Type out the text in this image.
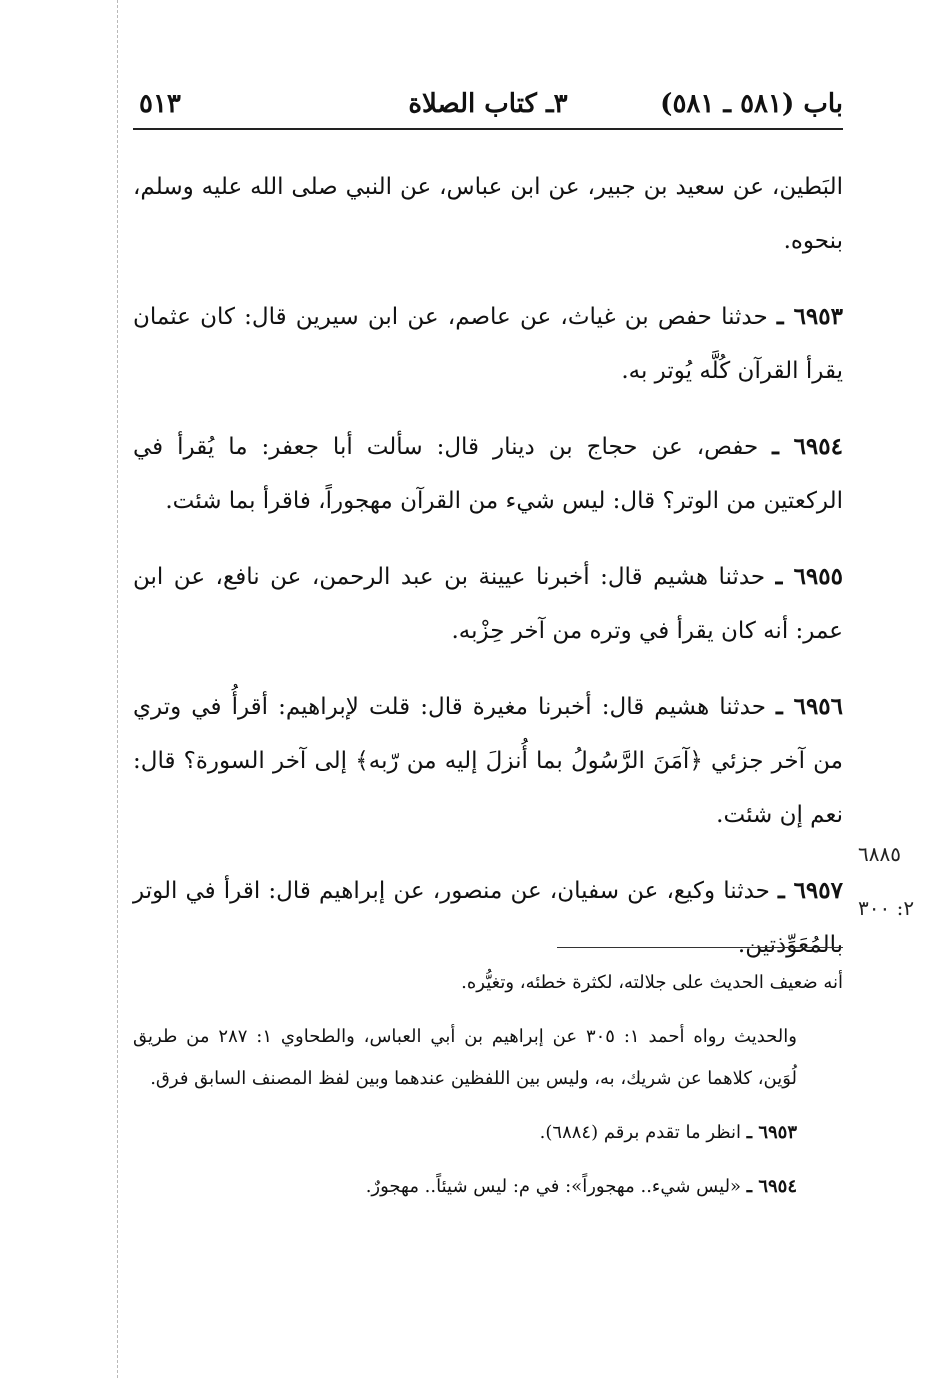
باب (٥٨١ ـ ٥٨١)
٣ـ كتاب الصلاة
٥١٣

البَطين، عن سعيد بن جبير، عن ابن عباس، عن النبي صلى الله عليه وسلم، بنحوه.

٦٩٥٣ ـ حدثنا حفص بن غياث، عن عاصم، عن ابن سيرين قال: كان عثمان يقرأ القرآن كُلَّه يُوتر به.

٦٩٥٤ ـ حفص، عن حجاج بن دينار قال: سألت أبا جعفر: ما يُقرأ في الركعتين من الوتر؟ قال: ليس شيء من القرآن مهجوراً، فاقرأ بما شئت.

٦٩٥٥ ـ حدثنا هشيم قال: أخبرنا عيينة بن عبد الرحمن، عن نافع، عن ابن عمر: أنه كان يقرأ في وتره من آخر حِزْبه.

٦٩٥٦ ـ حدثنا هشيم قال: أخبرنا مغيرة قال: قلت لإبراهيم: أقرأُ في وتري من آخر جزئي ﴿آمَنَ الرَّسُولُ بما أُنزلَ إليه من رّبه﴾ إلى آخر السورة؟ قال: نعم إن شئت.

٦٩٥٧ ـ حدثنا وكيع، عن سفيان، عن منصور، عن إبراهيم قال: اقرأ في الوتر بالمُعَوِّذتين.

٦٨٨٥
٢: ٣٠٠

أنه ضعيف الحديث على جلالته، لكثرة خطئه، وتغيُّره.

والحديث رواه أحمد ١: ٣٠٥ عن إبراهيم بن أبي العباس، والطحاوي ١: ٢٨٧ من طريق لُوَين، كلاهما عن شريك، به، وليس بين اللفظين عندهما وبين لفظ المصنف السابق فرق.

٦٩٥٣ ـ انظر ما تقدم برقم (٦٨٨٤).

٦٩٥٤ ـ «ليس شيء.. مهجوراً»: في م: ليس شيئاً.. مهجورٌ.
